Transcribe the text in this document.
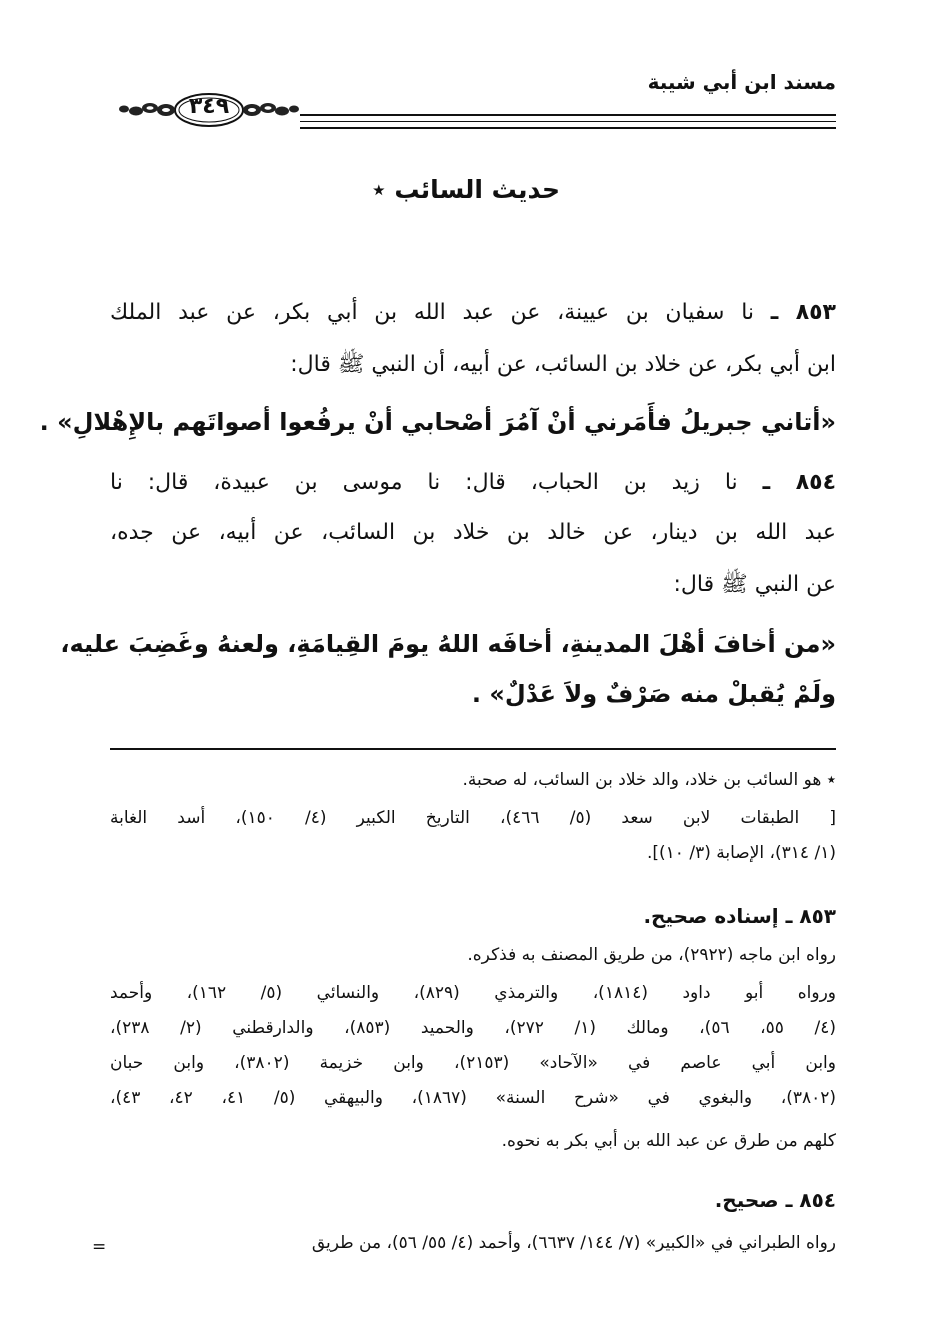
مسند ابن أبي شيبة
٣٤٩
حديث السائب ٭
٨٥٣ ـ نا سفيان بن عيينة، عن عبد الله بن أبي بكر، عن عبد الملك
ابن أبي بكر، عن خلاد بن السائب، عن أبيه، أن النبي ﷺ قال:
«أتاني جبريلُ فأَمَرني أنْ آمُرَ أصْحابي أنْ يرفُعوا أصواتَهم بالإِهْلالِ» .
٨٥٤ ـ نا زيد بن الحباب، قال: نا موسى بن عبيدة، قال: نا
عبد الله بن دينار، عن خالد بن خلاد بن السائب، عن أبيه، عن جده،
عن النبي ﷺ قال:
«من أخافَ أهْلَ المدينةِ، أخافَه اللهُ يومَ القِيامَةِ، ولعنهُ وغَضِبَ عليه،
ولَمْ يُقبلْ منه صَرْفٌ ولاَ عَدْلٌ» .
٭ هو السائب بن خلاد، والد خلاد بن السائب، له صحبة.
[ الطبقات لابن سعد (٥/ ٤٦٦)، التاريخ الكبير (٤/ ١٥٠)، أسد الغابة
(١/ ٣١٤)، الإصابة (٣/ ١٠)].
٨٥٣ ـ إسناده صحيح.
رواه ابن ماجه (٢٩٢٢)، من طريق المصنف به فذكره.
ورواه أبو داود (١٨١٤)، والترمذي (٨٢٩)، والنسائي (٥/ ١٦٢)، وأحمد
(٤/ ٥٥، ٥٦)، ومالك (١/ ٢٧٢)، والحميد (٨٥٣)، والدارقطني (٢/ ٢٣٨)،
وابن أبي عاصم في «الآحاد» (٢١٥٣)، وابن خزيمة (٣٨٠٢)، وابن حبان
(٣٨٠٢)، والبغوي في «شرح السنة» (١٨٦٧)، والبيهقي (٥/ ٤١، ٤٢، ٤٣)،
كلهم من طرق عن عبد الله بن أبي بكر به نحوه.
٨٥٤ ـ صحيح.
رواه الطبراني في «الكبير» (٧/ ١٤٤/ ٦٦٣٧)، وأحمد (٤/ ٥٥/ ٥٦)، من طريق
=
